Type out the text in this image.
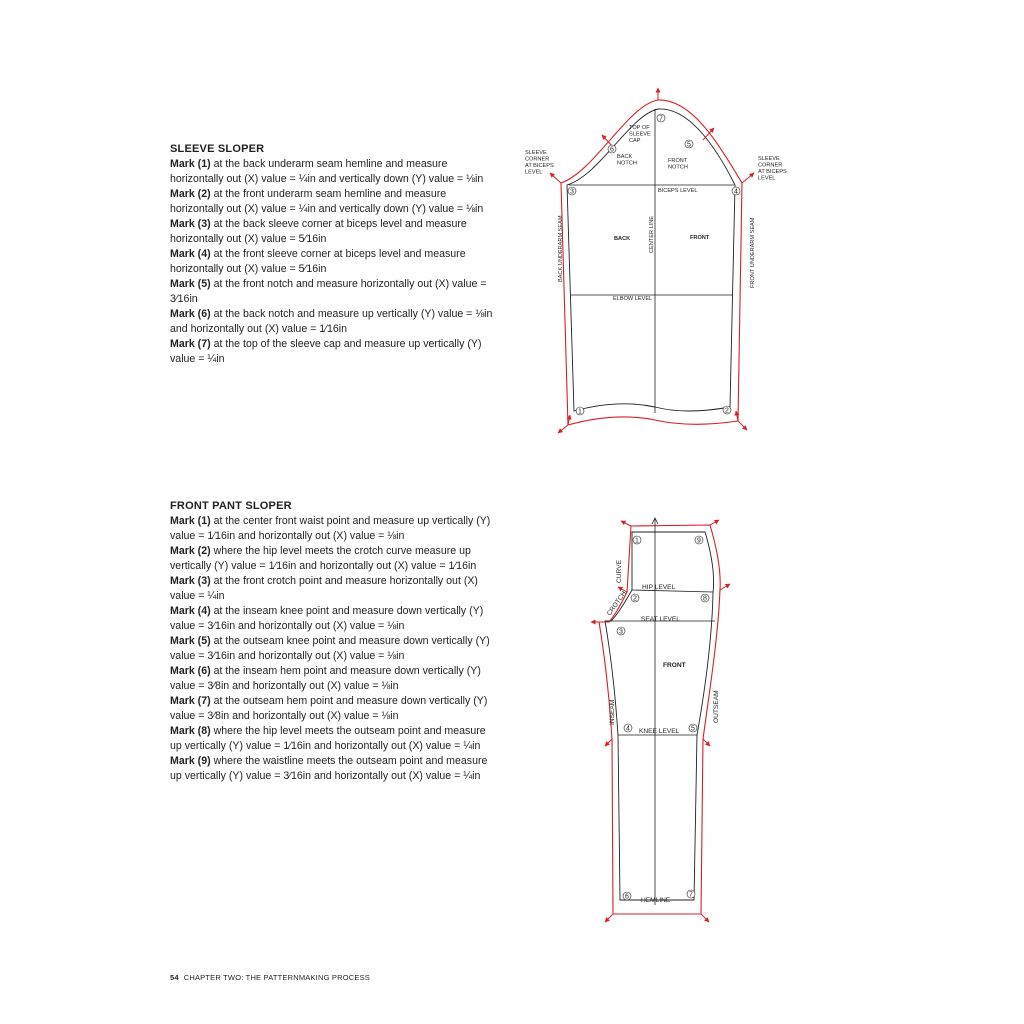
SLEEVE SLOPER
Mark (1) at the back underarm seam hemline and measure horizontally out (X) value = ¼in and vertically down (Y) value = ⅛in
Mark (2) at the front underarm seam hemline and measure horizontally out (X) value = ¼in and vertically down (Y) value = ⅛in
Mark (3) at the back sleeve corner at biceps level and measure horizontally out (X) value = 5⁄16in
Mark (4) at the front sleeve corner at biceps level and measure horizontally out (X) value = 5⁄16in
Mark (5) at the front notch and measure horizontally out (X) value = 3⁄16in
Mark (6) at the back notch and measure up vertically (Y) value = ⅛in and horizontally out (X) value = 1⁄16in
Mark (7) at the top of the sleeve cap and measure up vertically (Y) value = ¼in
1	2
3	4
5
6
7
TOP OF SLEEVE CAP
BACK NOTCH	FRONT NOTCH
SLEEVE CORNER AT BICEPS LEVEL
SLEEVE CORNER AT BICEPS LEVEL
BICEPS LEVEL
BACK	FRONT
ELBOW LEVEL
CENTER LINE
BACK UNDERARM SEAM	FRONT UNDERARM SEAM
FRONT PANT SLOPER
Mark (1) at the center front waist point and measure up vertically (Y) value = 1⁄16in and horizontally out (X) value = ⅛in
Mark (2) where the hip level meets the crotch curve measure up vertically (Y) value = 1⁄16in and horizontally out (X) value = 1⁄16in
Mark (3) at the front crotch point and measure horizontally out (X) value = ¼in
Mark (4) at the inseam knee point and measure down vertically (Y) value = 3⁄16in and horizontally out (X) value = ⅛in
Mark (5) at the outseam knee point and measure down vertically (Y) value = 3⁄16in and horizontally out (X) value = ⅛in
Mark (6) at the inseam hem point and measure down vertically (Y) value = 3⁄8in and horizontally out (X) value = ⅛in
Mark (7) at the outseam hem point and measure down vertically (Y) value = 3⁄8in and horizontally out (X) value = ⅛in
Mark (8) where the hip level meets the outseam point and measure up vertically (Y) value = 1⁄16in and horizontally out (X) value = ¼in
Mark (9) where the waistline meets the outseam point and measure up vertically (Y) value = 3⁄16in and horizontally out (X) value = ¼in
1
2
3
4	5
6	7
8
9
CURVE
CROTCH
HIP LEVEL
SEAT LEVEL
FRONT
INSEAM	OUTSEAM
KNEE LEVEL
HEMLINE
54 CHAPTER TWO: THE PATTERNMAKING PROCESS
